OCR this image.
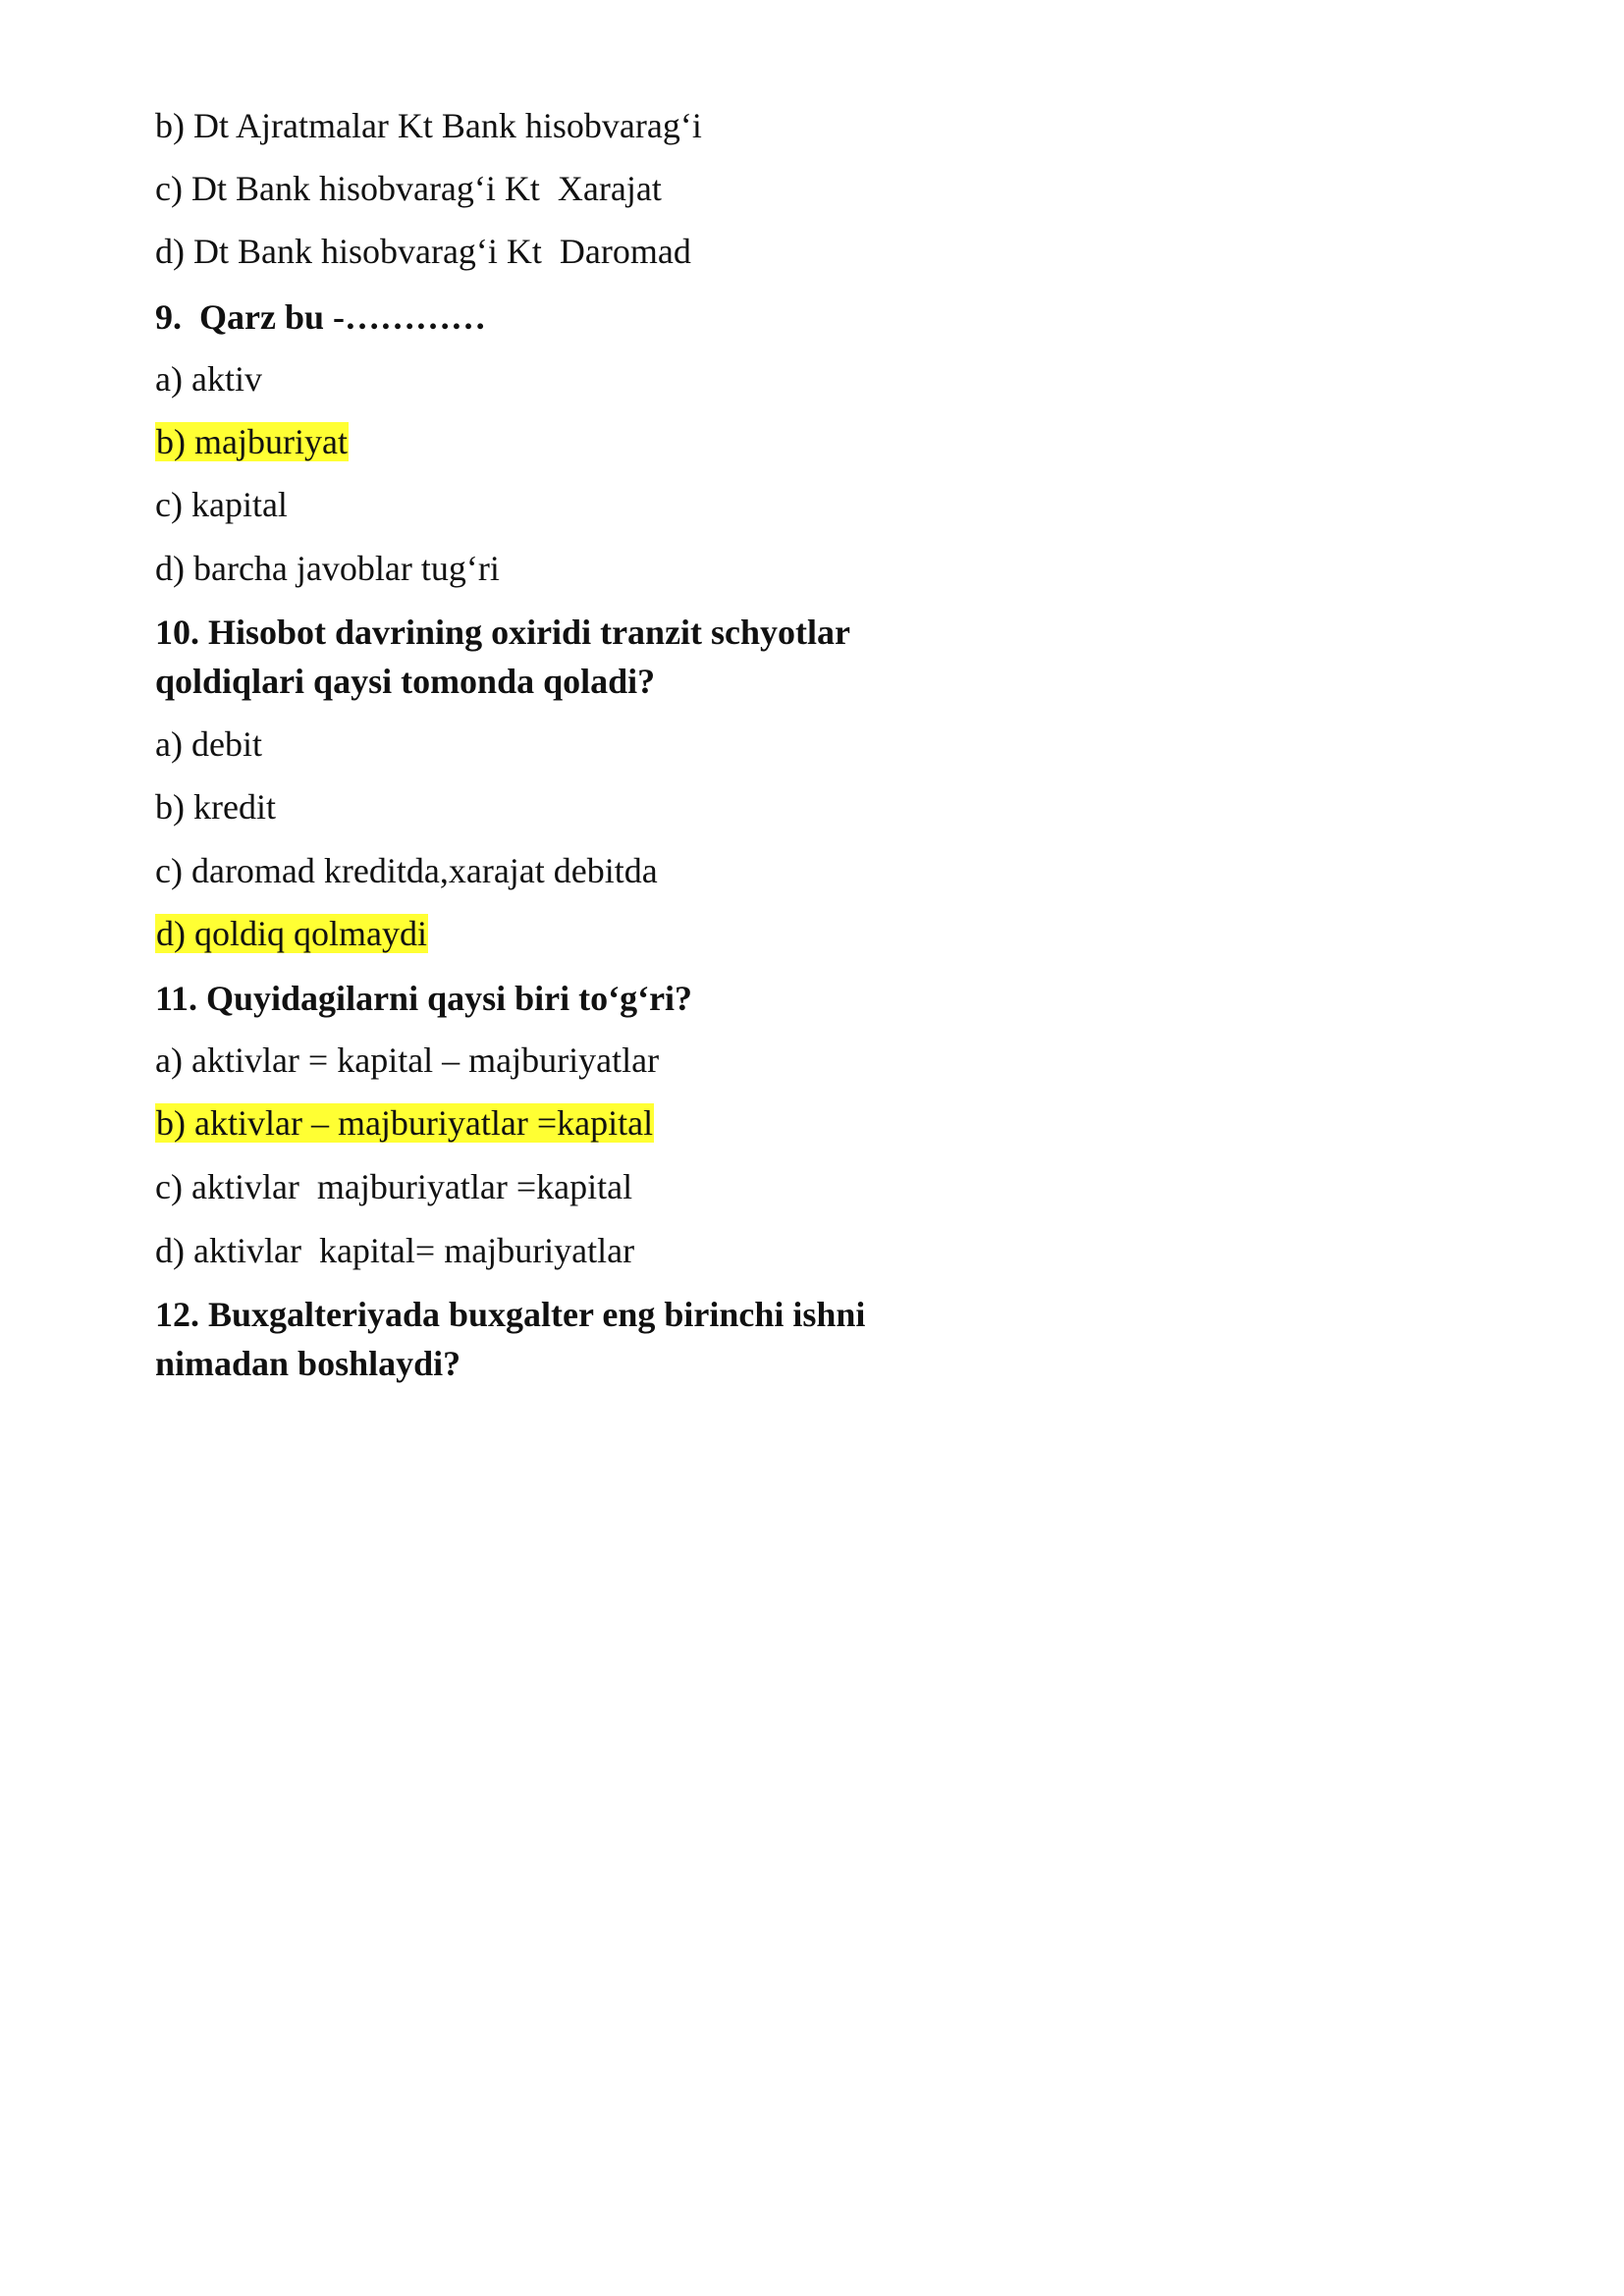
b) Dt Ajratmalar Kt Bank hisobvarag‘i
c) Dt Bank hisobvarag‘i Kt  Xarajat
d) Dt Bank hisobvarag‘i Kt  Daromad
9.  Qarz bu -…………
a) aktiv
b) majburiyat
c) kapital
d) barcha javoblar tug‘ri
10. Hisobot davrining oxiridi tranzit schyotlar
qoldiqlari qaysi tomonda qoladi?
a) debit
b) kredit
c) daromad kreditda,xarajat debitda
d) qoldiq qolmaydi
11. Quyidagilarni qaysi biri to‘g‘ri?
a) aktivlar = kapital – majburiyatlar
b) aktivlar – majburiyatlar =kapital
c) aktivlar  majburiyatlar =kapital
d) aktivlar  kapital= majburiyatlar
12. Buxgalteriyada buxgalter eng birinchi ishni
nimadan boshlaydi?
